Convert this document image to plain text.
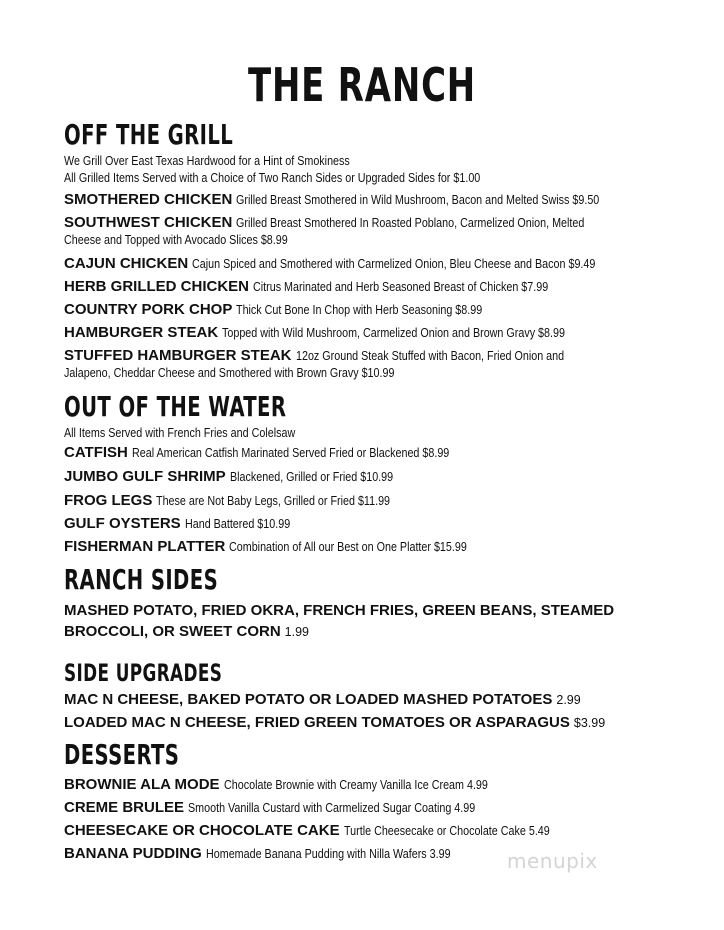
THE RANCH
OFF THE GRILL
We Grill Over East Texas Hardwood for a Hint of Smokiness
All Grilled Items Served with a Choice of Two Ranch Sides or Upgraded Sides for $1.00
SMOTHERED CHICKEN Grilled Breast Smothered in Wild Mushroom, Bacon and Melted Swiss $9.50
SOUTHWEST CHICKEN Grilled Breast Smothered In Roasted Poblano, Carmelized Onion, Melted
Cheese and Topped with Avocado Slices $8.99
CAJUN CHICKEN Cajun Spiced and Smothered with Carmelized Onion, Bleu Cheese and Bacon $9.49
HERB GRILLED CHICKEN Citrus Marinated and Herb Seasoned Breast of Chicken $7.99
COUNTRY PORK CHOP Thick Cut Bone In Chop with Herb Seasoning $8.99
HAMBURGER STEAK Topped with Wild Mushroom, Carmelized Onion and Brown Gravy $8.99
STUFFED HAMBURGER STEAK 12oz Ground Steak Stuffed with Bacon, Fried Onion and
Jalapeno, Cheddar Cheese and Smothered with Brown Gravy $10.99
OUT OF THE WATER
All Items Served with French Fries and Colelsaw
CATFISH Real American Catfish Marinated Served Fried or Blackened $8.99
JUMBO GULF SHRIMP Blackened, Grilled or Fried $10.99
FROG LEGS These are Not Baby Legs, Grilled or Fried $11.99
GULF OYSTERS Hand Battered $10.99
FISHERMAN PLATTER Combination of All our Best on One Platter $15.99
RANCH SIDES
MASHED POTATO, FRIED OKRA, FRENCH FRIES, GREEN BEANS, STEAMED
BROCCOLI, OR SWEET CORN 1.99
SIDE UPGRADES
MAC N CHEESE, BAKED POTATO OR LOADED MASHED POTATOES 2.99
LOADED MAC N CHEESE, FRIED GREEN TOMATOES OR ASPARAGUS $3.99
DESSERTS
BROWNIE ALA MODE Chocolate Brownie with Creamy Vanilla Ice Cream 4.99
CREME BRULEE Smooth Vanilla Custard with Carmelized Sugar Coating 4.99
CHEESECAKE OR CHOCOLATE CAKE Turtle Cheesecake or Chocolate Cake 5.49
BANANA PUDDING Homemade Banana Pudding with Nilla Wafers 3.99	menupix
